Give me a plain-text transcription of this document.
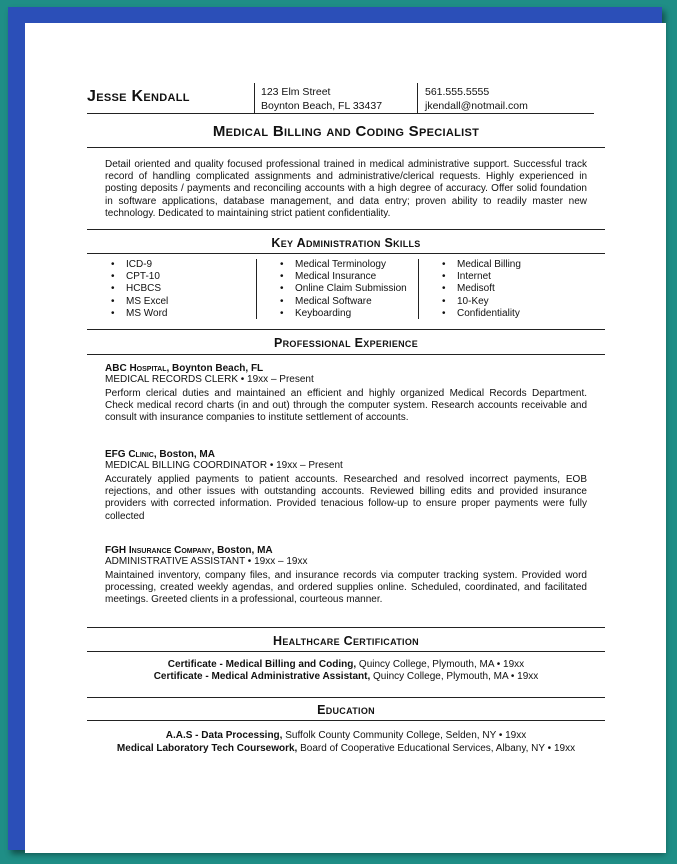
Jesse Kendall	123 Elm Street
Boynton Beach, FL 33437
561.555.5555
jkendall@notmail.com
Medical Billing and Coding Specialist
Detail oriented and quality focused professional trained in medical administrative support. Successful track record of handling complicated assignments and administrative/clerical requests. Highly experienced in posting deposits / payments and reconciling accounts with a high degree of accuracy. Offer solid foundation in software applications, database management, and data entry; proven ability to readily master new technology. Dedicated to maintaining strict patient confidentiality.
Key Administration Skills
• ICD-9
• CPT-10
• HCBCS
• MS Excel
• MS Word
• Medical Terminology
• Medical Insurance
• Online Claim Submission
• Medical Software
• Keyboarding
• Medical Billing
• Internet
• Medisoft
• 10-Key
• Confidentiality
Professional Experience
ABC Hospital, Boynton Beach, FL
MEDICAL RECORDS CLERK • 19xx – Present
Perform clerical duties and maintained an efficient and highly organized Medical Records Department. Check medical record charts (in and out) through the computer system. Research accounts receivable and consult with insurance companies to institute settlement of accounts.
EFG Clinic, Boston, MA
MEDICAL BILLING COORDINATOR • 19xx – Present
Accurately applied payments to patient accounts. Researched and resolved incorrect payments, EOB rejections, and other issues with outstanding accounts. Reviewed billing edits and provided insurance providers with corrected information. Provided tenacious follow-up to ensure proper payments were fully collected
FGH Insurance Company, Boston, MA
ADMINISTRATIVE ASSISTANT • 19xx – 19xx
Maintained inventory, company files, and insurance records via computer tracking system. Provided word processing, created weekly agendas, and ordered supplies online. Scheduled, coordinated, and facilitated meetings. Greeted clients in a professional, courteous manner.
Healthcare Certification
Certificate - Medical Billing and Coding, Quincy College, Plymouth, MA • 19xx
Certificate - Medical Administrative Assistant, Quincy College, Plymouth, MA • 19xx
Education
A.A.S - Data Processing, Suffolk County Community College, Selden, NY • 19xx
Medical Laboratory Tech Coursework, Board of Cooperative Educational Services, Albany, NY • 19xx
